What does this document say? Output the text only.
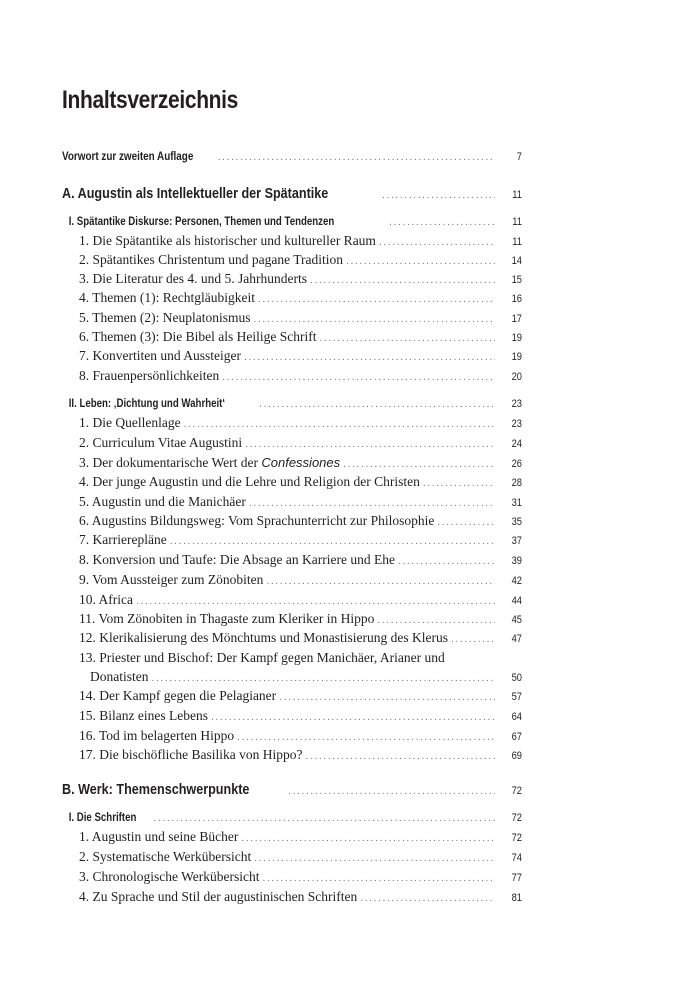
Inhaltsverzeichnis
Vorwort zur zweiten Auflage .....	7
A. Augustin als Intellektueller der Spätantike .....	11
I. Spätantike Diskurse: Personen, Themen und Tendenzen .....	11
1. Die Spätantike als historischer und kultureller Raum .....	11
2. Spätantikes Christentum und pagane Tradition .....	14
3. Die Literatur des 4. und 5. Jahrhunderts .....	15
4. Themen (1): Rechtgläubigkeit .....	16
5. Themen (2): Neuplatonismus .....	17
6. Themen (3): Die Bibel als Heilige Schrift .....	19
7. Konvertiten und Aussteiger .....	19
8. Frauenpersönlichkeiten .....	20
II. Leben: ‚Dichtung und Wahrheit‘ .....	23
1. Die Quellenlage .....	23
2. Curriculum Vitae Augustini .....	24
3. Der dokumentarische Wert der Confessiones .....	26
4. Der junge Augustin und die Lehre und Religion der Christen .....	28
5. Augustin und die Manichäer .....	31
6. Augustins Bildungsweg: Vom Sprachunterricht zur Philosophie .....	35
7. Karrierepläne .....	37
8. Konversion und Taufe: Die Absage an Karriere und Ehe .....	39
9. Vom Aussteiger zum Zönobiten .....	42
10. Africa .....	44
11. Vom Zönobiten in Thagaste zum Kleriker in Hippo .....	45
12. Klerikalisierung des Mönchtums und Monastisierung des Klerus .....	47
13. Priester und Bischof: Der Kampf gegen Manichäer, Arianer und
Donatisten .....	50
14. Der Kampf gegen die Pelagianer .....	57
15. Bilanz eines Lebens .....	64
16. Tod im belagerten Hippo .....	67
17. Die bischöfliche Basilika von Hippo? .....	69
B. Werk: Themenschwerpunkte .....	72
I. Die Schriften .....	72
1. Augustin und seine Bücher .....	72
2. Systematische Werkübersicht .....	74
3. Chronologische Werkübersicht .....	77
4. Zu Sprache und Stil der augustinischen Schriften .....	81
